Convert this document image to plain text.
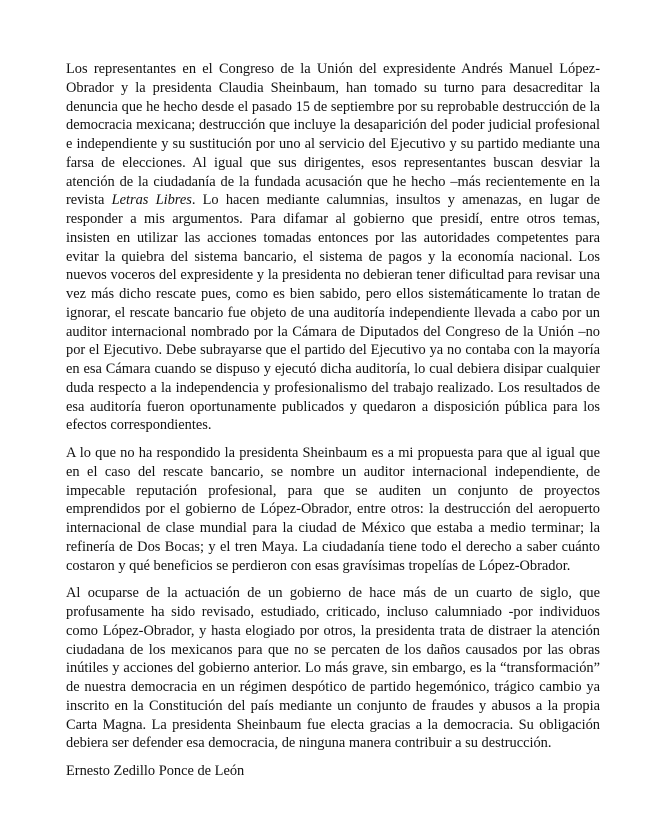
Los representantes en el Congreso de la Unión del expresidente Andrés Manuel López-Obrador y la presidenta Claudia Sheinbaum, han tomado su turno para desacreditar la denuncia que he hecho desde el pasado 15 de septiembre por su reprobable destrucción de la democracia mexicana; destrucción que incluye la desaparición del poder judicial profesional e independiente y su sustitución por uno al servicio del Ejecutivo y su partido mediante una farsa de elecciones. Al igual que sus dirigentes, esos representantes buscan desviar la atención de la ciudadanía de la fundada acusación que he hecho –más recientemente en la revista Letras Libres. Lo hacen mediante calumnias, insultos y amenazas, en lugar de responder a mis argumentos. Para difamar al gobierno que presidí, entre otros temas, insisten en utilizar las acciones tomadas entonces por las autoridades competentes para evitar la quiebra del sistema bancario, el sistema de pagos y la economía nacional. Los nuevos voceros del expresidente y la presidenta no debieran tener dificultad para revisar una vez más dicho rescate pues, como es bien sabido, pero ellos sistemáticamente lo tratan de ignorar, el rescate bancario fue objeto de una auditoría independiente llevada a cabo por un auditor internacional nombrado por la Cámara de Diputados del Congreso de la Unión –no por el Ejecutivo. Debe subrayarse que el partido del Ejecutivo ya no contaba con la mayoría en esa Cámara cuando se dispuso y ejecutó dicha auditoría, lo cual debiera disipar cualquier duda respecto a la independencia y profesionalismo del trabajo realizado. Los resultados de esa auditoría fueron oportunamente publicados y quedaron a disposición pública para los efectos correspondientes.

A lo que no ha respondido la presidenta Sheinbaum es a mi propuesta para que al igual que en el caso del rescate bancario, se nombre un auditor internacional independiente, de impecable reputación profesional, para que se auditen un conjunto de proyectos emprendidos por el gobierno de López-Obrador, entre otros: la destrucción del aeropuerto internacional de clase mundial para la ciudad de México que estaba a medio terminar; la refinería de Dos Bocas; y el tren Maya. La ciudadanía tiene todo el derecho a saber cuánto costaron y qué beneficios se perdieron con esas gravísimas tropelías de López-Obrador.

Al ocuparse de la actuación de un gobierno de hace más de un cuarto de siglo, que profusamente ha sido revisado, estudiado, criticado, incluso calumniado -por individuos como López-Obrador, y hasta elogiado por otros, la presidenta trata de distraer la atención ciudadana de los mexicanos para que no se percaten de los daños causados por las obras inútiles y acciones del gobierno anterior. Lo más grave, sin embargo, es la “transformación” de nuestra democracia en un régimen despótico de partido hegemónico, trágico cambio ya inscrito en la Constitución del país mediante un conjunto de fraudes y abusos a la propia Carta Magna. La presidenta Sheinbaum fue electa gracias a la democracia. Su obligación debiera ser defender esa democracia, de ninguna manera contribuir a su destrucción.

Ernesto Zedillo Ponce de León
